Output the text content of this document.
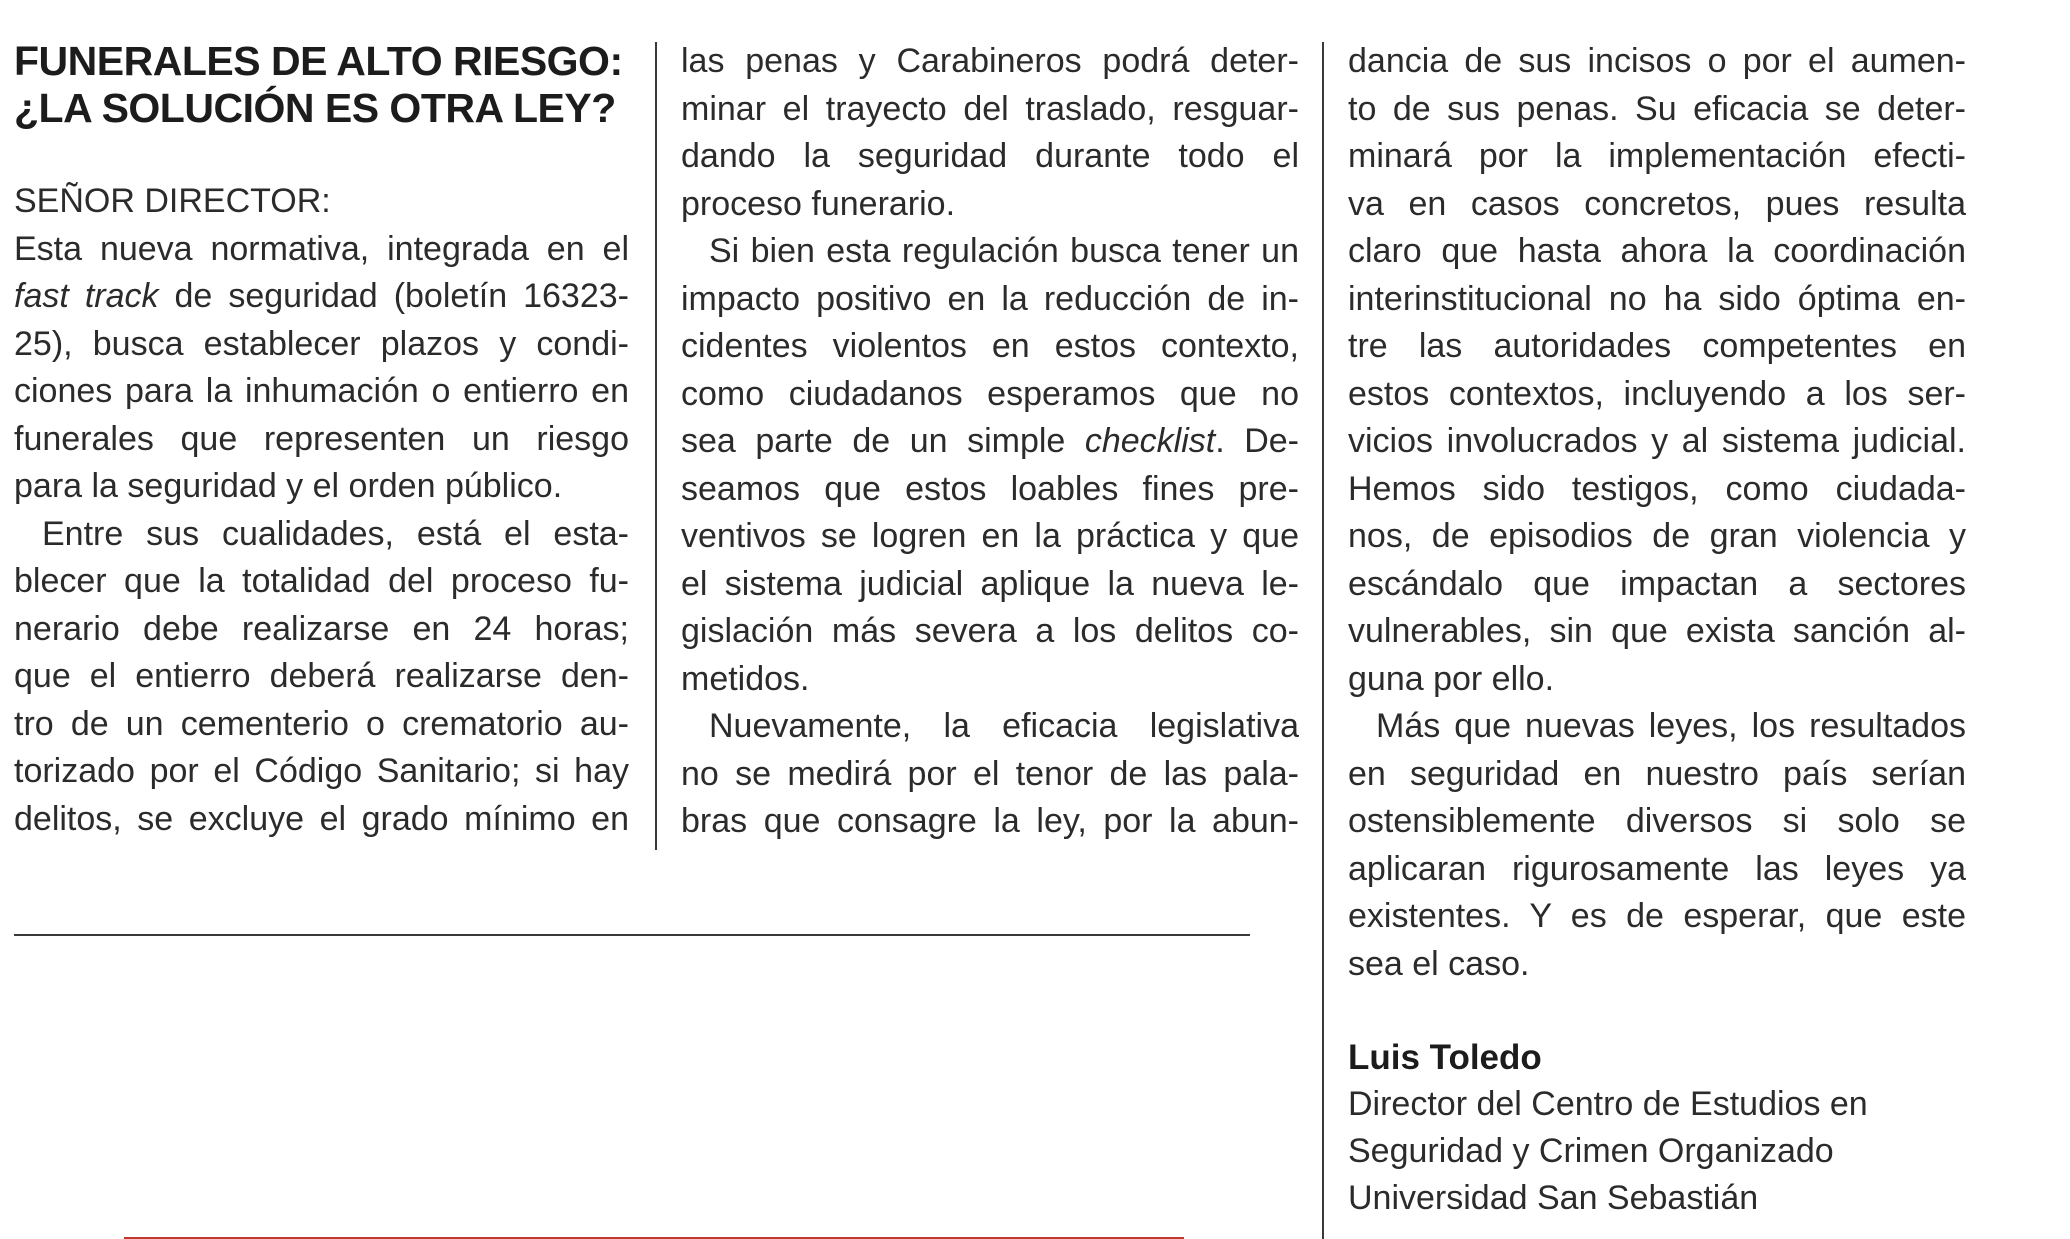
FUNERALES DE ALTO RIESGO:
¿LA SOLUCIÓN ES OTRA LEY?
SEÑOR DIRECTOR:
Esta nueva normativa, integrada en el
fast track de seguridad (boletín 16323-
25), busca establecer plazos y condi-
ciones para la inhumación o entierro en
funerales que representen un riesgo
para la seguridad y el orden público.
Entre sus cualidades, está el esta-
blecer que la totalidad del proceso fu-
nerario debe realizarse en 24 horas;
que el entierro deberá realizarse den-
tro de un cementerio o crematorio au-
torizado por el Código Sanitario; si hay
delitos, se excluye el grado mínimo en
las penas y Carabineros podrá deter-
minar el trayecto del traslado, resguar-
dando la seguridad durante todo el
proceso funerario.
Si bien esta regulación busca tener un
impacto positivo en la reducción de in-
cidentes violentos en estos contexto,
como ciudadanos esperamos que no
sea parte de un simple checklist. De-
seamos que estos loables fines pre-
ventivos se logren en la práctica y que
el sistema judicial aplique la nueva le-
gislación más severa a los delitos co-
metidos.
Nuevamente, la eficacia legislativa
no se medirá por el tenor de las pala-
bras que consagre la ley, por la abun-
dancia de sus incisos o por el aumen-
to de sus penas. Su eficacia se deter-
minará por la implementación efecti-
va en casos concretos, pues resulta
claro que hasta ahora la coordinación
interinstitucional no ha sido óptima en-
tre las autoridades competentes en
estos contextos, incluyendo a los ser-
vicios involucrados y al sistema judicial.
Hemos sido testigos, como ciudada-
nos, de episodios de gran violencia y
escándalo que impactan a sectores
vulnerables, sin que exista sanción al-
guna por ello.
Más que nuevas leyes, los resultados
en seguridad en nuestro país serían
ostensiblemente diversos si solo se
aplicaran rigurosamente las leyes ya
existentes. Y es de esperar, que este
sea el caso.
Luis Toledo
Director del Centro de Estudios en
Seguridad y Crimen Organizado
Universidad San Sebastián
